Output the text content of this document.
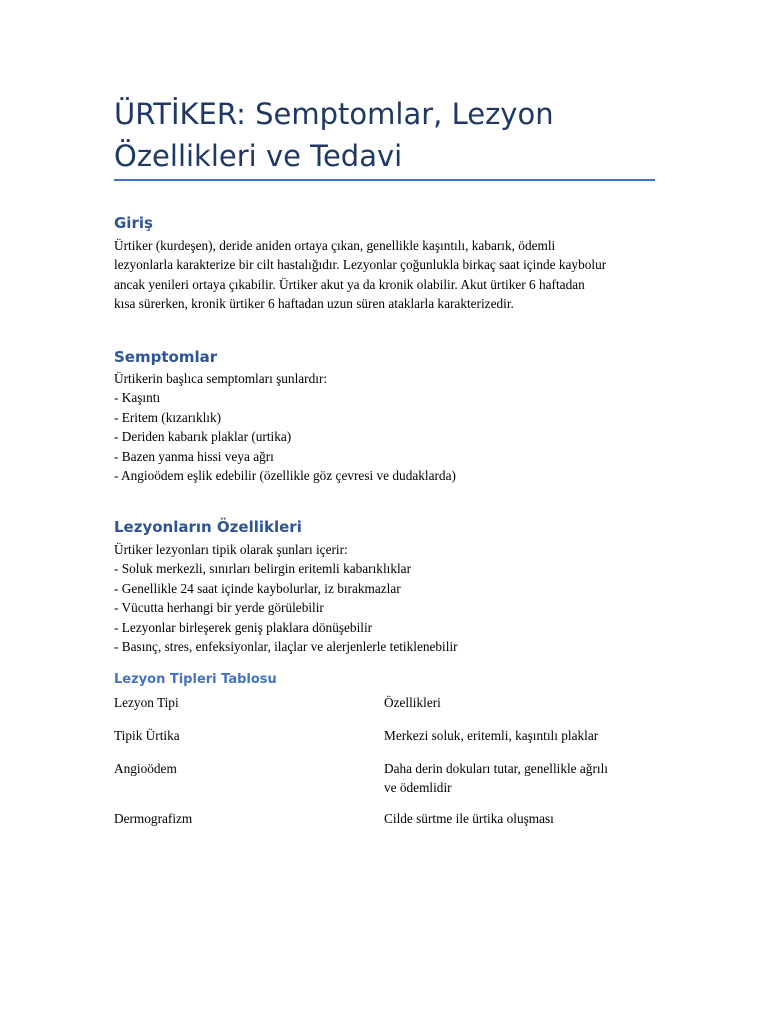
ÜRTİKER: Semptomlar, Lezyon
Özellikleri ve Tedavi
Giriş
Ürtiker (kurdeşen), deride aniden ortaya çıkan, genellikle kaşıntılı, kabarık, ödemli
lezyonlarla karakterize bir cilt hastalığıdır. Lezyonlar çoğunlukla birkaç saat içinde kaybolur
ancak yenileri ortaya çıkabilir. Ürtiker akut ya da kronik olabilir. Akut ürtiker 6 haftadan
kısa sürerken, kronik ürtiker 6 haftadan uzun süren ataklarla karakterizedir.
Semptomlar
Ürtikerin başlıca semptomları şunlardır:
- Kaşıntı
- Eritem (kızarıklık)
- Deriden kabarık plaklar (urtika)
- Bazen yanma hissi veya ağrı
- Angioödem eşlik edebilir (özellikle göz çevresi ve dudaklarda)
Lezyonların Özellikleri
Ürtiker lezyonları tipik olarak şunları içerir:
- Soluk merkezli, sınırları belirgin eritemli kabarıklıklar
- Genellikle 24 saat içinde kaybolurlar, iz bırakmazlar
- Vücutta herhangi bir yerde görülebilir
- Lezyonlar birleşerek geniş plaklara dönüşebilir
- Basınç, stres, enfeksiyonlar, ilaçlar ve alerjenlerle tetiklenebilir
Lezyon Tipleri Tablosu
Lezyon Tipi	Özellikleri
Tipik Ürtika	Merkezi soluk, eritemli, kaşıntılı plaklar
Angioödem	Daha derin dokuları tutar, genellikle ağrılı
ve ödemlidir
Dermografizm	Cilde sürtme ile ürtika oluşması
